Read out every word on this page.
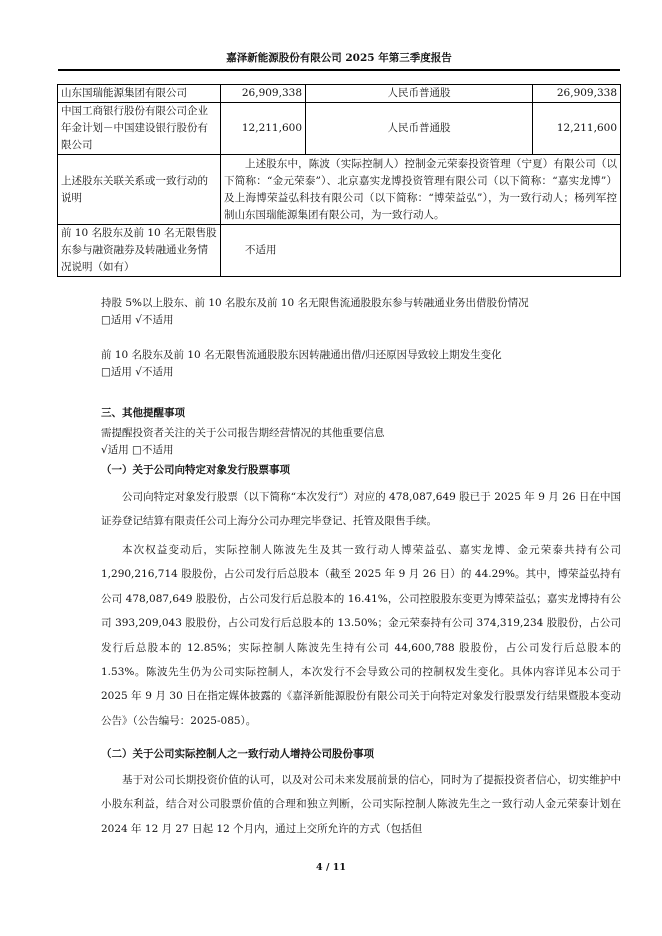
嘉泽新能源股份有限公司 2025 年第三季度报告
山东国瑞能源集团有限公司	26,909,338	人民币普通股	26,909,338
中国工商银行股份有限公司企业年金计划－中国建设银行股份有限公司	12,211,600	人民币普通股	12,211,600
上述股东关联关系或一致行动的说明	上述股东中，陈波（实际控制人）控制金元荣泰投资管理（宁夏）有限公司（以下简称：“金元荣泰”）、北京嘉实龙博投资管理有限公司（以下简称：“嘉实龙博”）及上海博荣益弘科技有限公司（以下简称：“博荣益弘”），为一致行动人；杨列军控制山东国瑞能源集团有限公司，为一致行动人。		
前 10 名股东及前 10 名无限售股东参与融资融券及转融通业务情况说明（如有）	不适用		
持股 5%以上股东、前 10 名股东及前 10 名无限售流通股股东参与转融通业务出借股份情况
□适用 √不适用
前 10 名股东及前 10 名无限售流通股股东因转融通出借/归还原因导致较上期发生变化
□适用 √不适用
三、其他提醒事项
需提醒投资者关注的关于公司报告期经营情况的其他重要信息
√适用 □不适用
（一）关于公司向特定对象发行股票事项
公司向特定对象发行股票（以下简称“本次发行”）对应的 478,087,649 股已于 2025 年 9 月 26 日在中国证券登记结算有限责任公司上海分公司办理完毕登记、托管及限售手续。
本次权益变动后，实际控制人陈波先生及其一致行动人博荣益弘、嘉实龙博、金元荣泰共持有公司 1,290,216,714 股股份，占公司发行后总股本（截至 2025 年 9 月 26 日）的 44.29%。其中，博荣益弘持有公司 478,087,649 股股份，占公司发行后总股本的 16.41%，公司控股股东变更为博荣益弘；嘉实龙博持有公司 393,209,043 股股份，占公司发行后总股本的 13.50%；金元荣泰持有公司 374,319,234 股股份，占公司发行后总股本的 12.85%；实际控制人陈波先生持有公司 44,600,788 股股份，占公司发行后总股本的 1.53%。陈波先生仍为公司实际控制人，本次发行不会导致公司的控制权发生变化。具体内容详见本公司于 2025 年 9 月 30 日在指定媒体披露的《嘉泽新能源股份有限公司关于向特定对象发行股票发行结果暨股本变动公告》（公告编号：2025-085）。
（二）关于公司实际控制人之一致行动人增持公司股份事项
基于对公司长期投资价值的认可，以及对公司未来发展前景的信心，同时为了提振投资者信心，切实维护中小股东利益，结合对公司股票价值的合理和独立判断，公司实际控制人陈波先生之一致行动人金元荣泰计划在 2024 年 12 月 27 日起 12 个月内，通过上交所允许的方式（包括但
4 / 11
